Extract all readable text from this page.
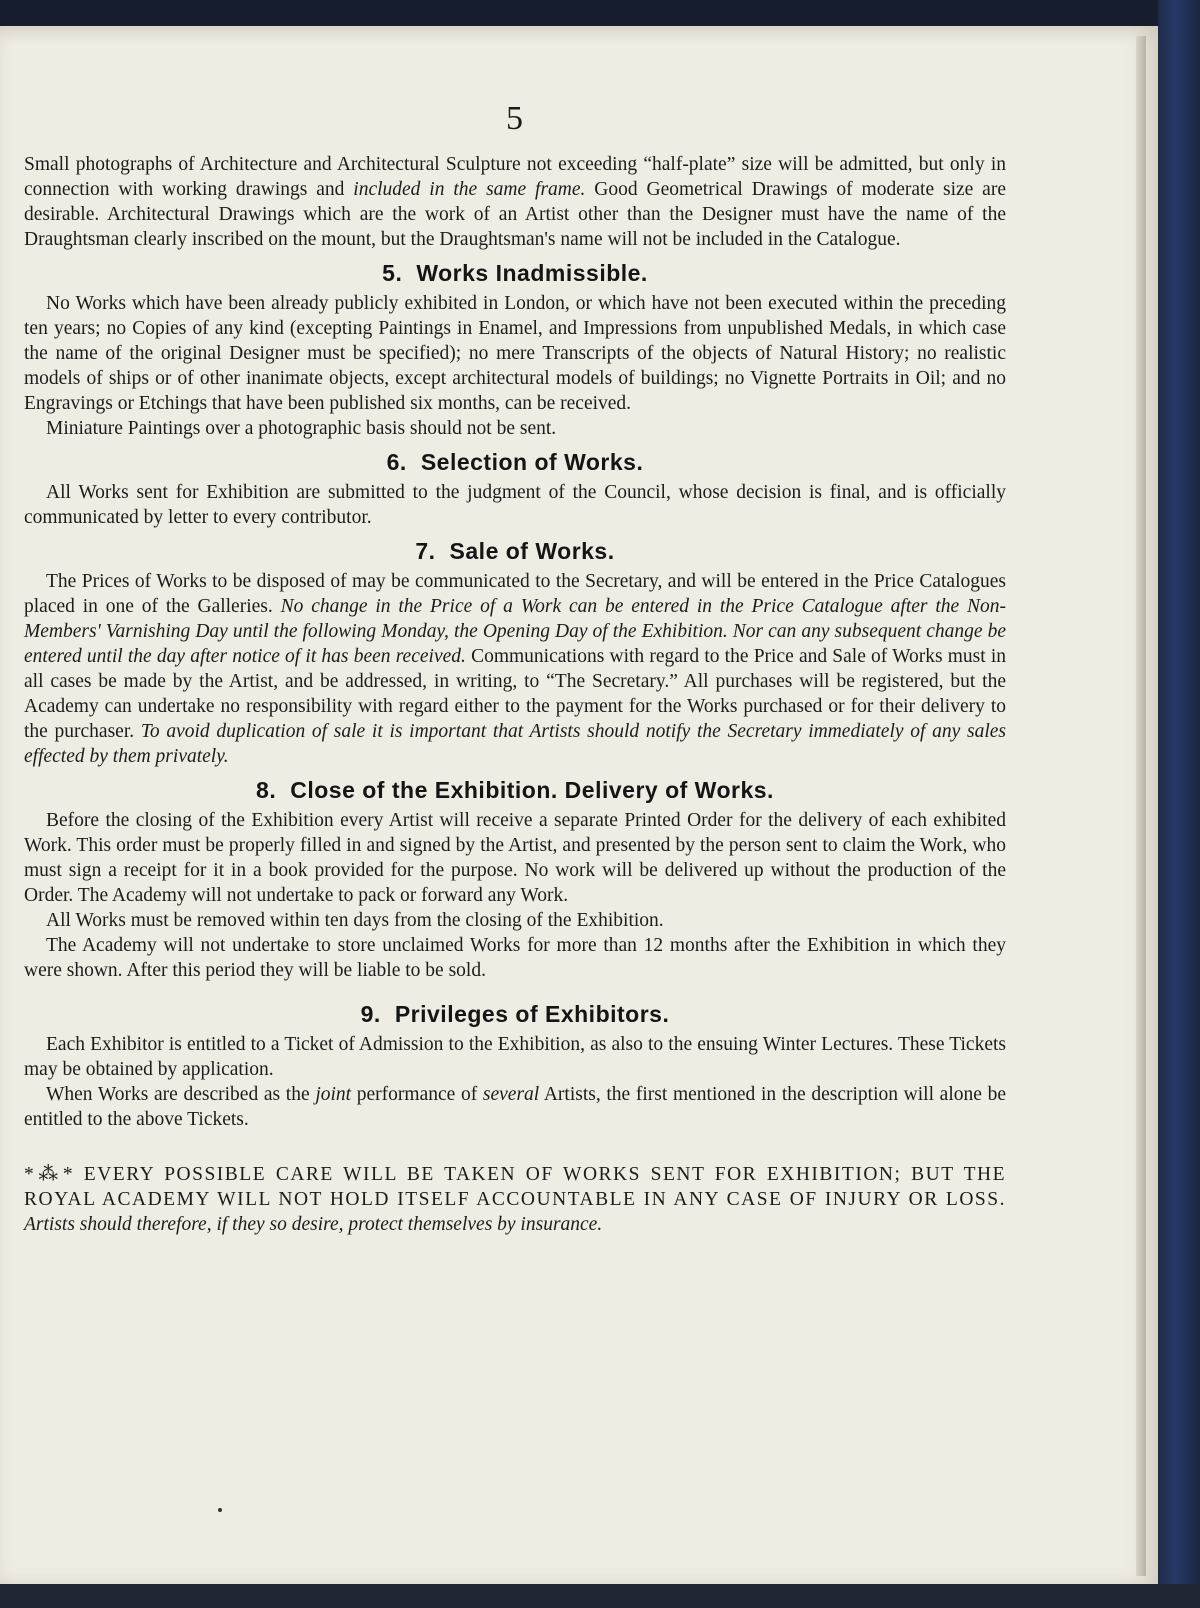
5

Small photographs of Architecture and Architectural Sculpture not exceeding “half-plate” size will be admitted, but only in connection with working drawings and included in the same frame. Good Geometrical Drawings of moderate size are desirable. Architectural Drawings which are the work of an Artist other than the Designer must have the name of the Draughtsman clearly inscribed on the mount, but the Draughtsman's name will not be included in the Catalogue.

5. Works Inadmissible.

No Works which have been already publicly exhibited in London, or which have not been executed within the preceding ten years; no Copies of any kind (excepting Paintings in Enamel, and Impressions from unpublished Medals, in which case the name of the original Designer must be specified); no mere Transcripts of the objects of Natural History; no realistic models of ships or of other inanimate objects, except architectural models of buildings; no Vignette Portraits in Oil; and no Engravings or Etchings that have been published six months, can be received.

Miniature Paintings over a photographic basis should not be sent.

6. Selection of Works.

All Works sent for Exhibition are submitted to the judgment of the Council, whose decision is final, and is officially communicated by letter to every contributor.

7. Sale of Works.

The Prices of Works to be disposed of may be communicated to the Secretary, and will be entered in the Price Catalogues placed in one of the Galleries. No change in the Price of a Work can be entered in the Price Catalogue after the Non-Members' Varnishing Day until the following Monday, the Opening Day of the Exhibition. Nor can any subsequent change be entered until the day after notice of it has been received. Communications with regard to the Price and Sale of Works must in all cases be made by the Artist, and be addressed, in writing, to “The Secretary.” All purchases will be registered, but the Academy can undertake no responsibility with regard either to the payment for the Works purchased or for their delivery to the purchaser. To avoid duplication of sale it is important that Artists should notify the Secretary immediately of any sales effected by them privately.

8. Close of the Exhibition. Delivery of Works.

Before the closing of the Exhibition every Artist will receive a separate Printed Order for the delivery of each exhibited Work. This order must be properly filled in and signed by the Artist, and presented by the person sent to claim the Work, who must sign a receipt for it in a book provided for the purpose. No work will be delivered up without the production of the Order. The Academy will not undertake to pack or forward any Work.

All Works must be removed within ten days from the closing of the Exhibition.

The Academy will not undertake to store unclaimed Works for more than 12 months after the Exhibition in which they were shown. After this period they will be liable to be sold.

9. Privileges of Exhibitors.

Each Exhibitor is entitled to a Ticket of Admission to the Exhibition, as also to the ensuing Winter Lectures. These Tickets may be obtained by application.

When Works are described as the joint performance of several Artists, the first mentioned in the description will alone be entitled to the above Tickets.

*⁂* EVERY POSSIBLE CARE WILL BE TAKEN OF WORKS SENT FOR EXHIBITION; BUT THE ROYAL ACADEMY WILL NOT HOLD ITSELF ACCOUNTABLE IN ANY CASE OF INJURY OR LOSS. Artists should therefore, if they so desire, protect themselves by insurance.
